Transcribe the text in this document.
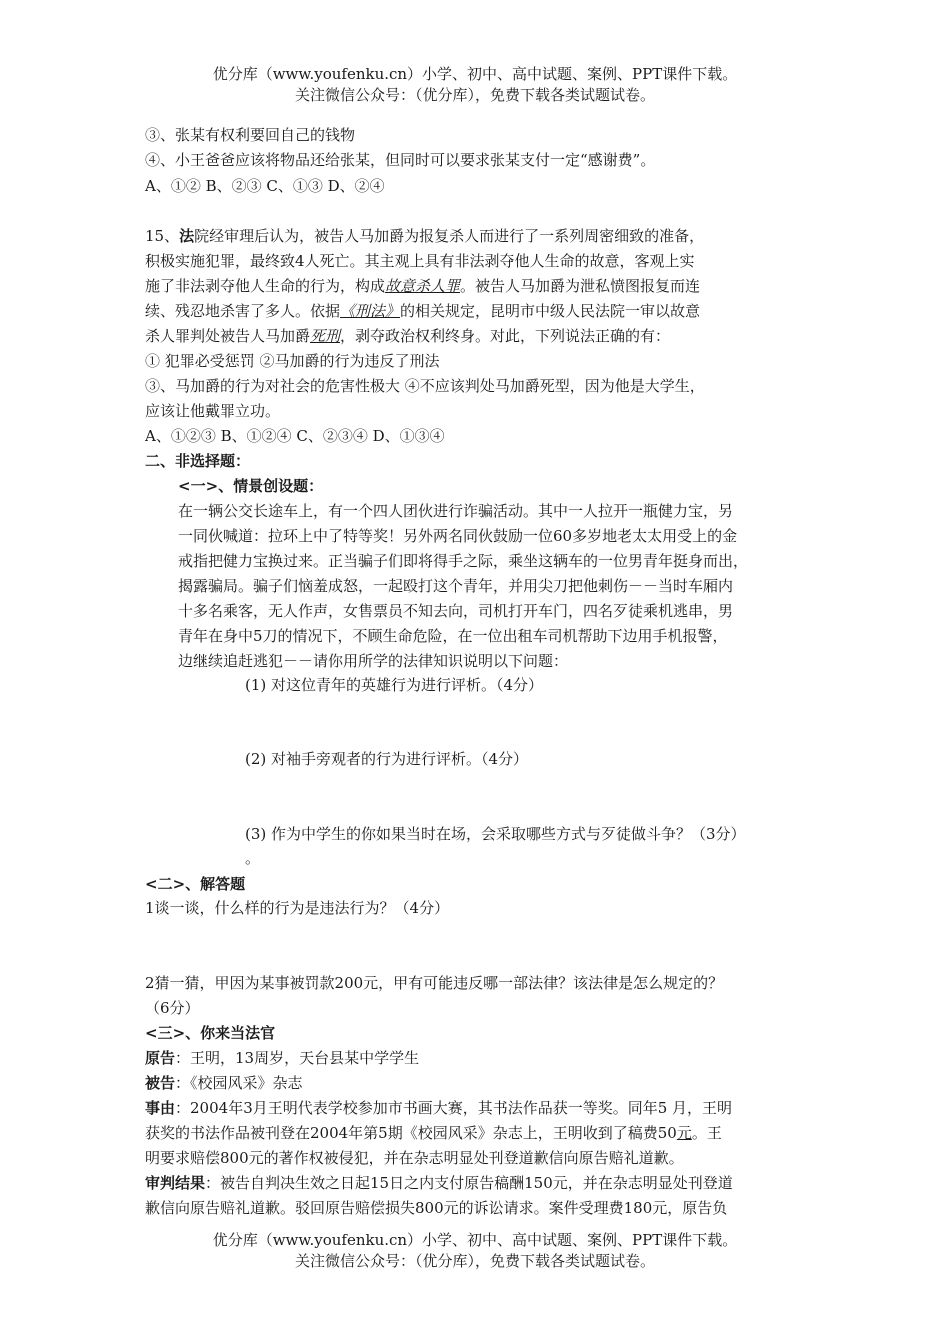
优分库（www.youfenku.cn）小学、初中、高中试题、案例、PPT课件下载。
关注微信公众号：（优分库），免费下载各类试题试卷。
③、张某有权利要回自己的钱物
④、小王爸爸应该将物品还给张某，但同时可以要求张某支付一定“感谢费”。
A、①② B、②③ C、①③ D、②④
15、法院经审理后认为，被告人马加爵为报复杀人而进行了一系列周密细致的准备，
积极实施犯罪，最终致4人死亡。其主观上具有非法剥夺他人生命的故意，客观上实
施了非法剥夺他人生命的行为，构成故意杀人罪。被告人马加爵为泄私愤图报复而连
续、残忍地杀害了多人。依据《刑法》的相关规定，昆明市中级人民法院一审以故意
杀人罪判处被告人马加爵死刑，剥夺政治权利终身。对此，下列说法正确的有：
① 犯罪必受惩罚 ②马加爵的行为违反了刑法
③、马加爵的行为对社会的危害性极大 ④不应该判处马加爵死型，因为他是大学生，
应该让他戴罪立功。
A、①②③ B、①②④ C、②③④ D、①③④
二、非选择题：
<一>、情景创设题：
在一辆公交长途车上，有一个四人团伙进行诈骗活动。其中一人拉开一瓶健力宝，另
一同伙喊道：拉环上中了特等奖！另外两名同伙鼓励一位60多岁地老太太用受上的金
戒指把健力宝换过来。正当骗子们即将得手之际，乘坐这辆车的一位男青年挺身而出，
揭露骗局。骗子们恼羞成怒，一起殴打这个青年，并用尖刀把他刺伤－－当时车厢内
十多名乘客，无人作声，女售票员不知去向，司机打开车门，四名歹徒乘机逃串，男
青年在身中5刀的情况下，不顾生命危险，在一位出租车司机帮助下边用手机报警，
边继续追赶逃犯－－请你用所学的法律知识说明以下问题：
(1) 对这位青年的英雄行为进行评析。（4分）
(2) 对袖手旁观者的行为进行评析。（4分）
(3) 作为中学生的你如果当时在场，会采取哪些方式与歹徒做斗争？（3分）
。
<二>、解答题
1谈一谈，什么样的行为是违法行为？（4分）
2猜一猜，甲因为某事被罚款200元，甲有可能违反哪一部法律？该法律是怎么规定的？
（6分）
<三>、你来当法官
原告：王明，13周岁，天台县某中学学生
被告：《校园风采》杂志
事由：2004年3月王明代表学校参加市书画大赛，其书法作品获一等奖。同年5 月，王明
获奖的书法作品被刊登在2004年第5期《校园风采》杂志上，王明收到了稿费50元。王
明要求赔偿800元的著作权被侵犯，并在杂志明显处刊登道歉信向原告赔礼道歉。
审判结果：被告自判决生效之日起15日之内支付原告稿酬150元，并在杂志明显处刊登道
歉信向原告赔礼道歉。驳回原告赔偿损失800元的诉讼请求。案件受理费180元，原告负
优分库（www.youfenku.cn）小学、初中、高中试题、案例、PPT课件下载。
关注微信公众号：（优分库），免费下载各类试题试卷。
